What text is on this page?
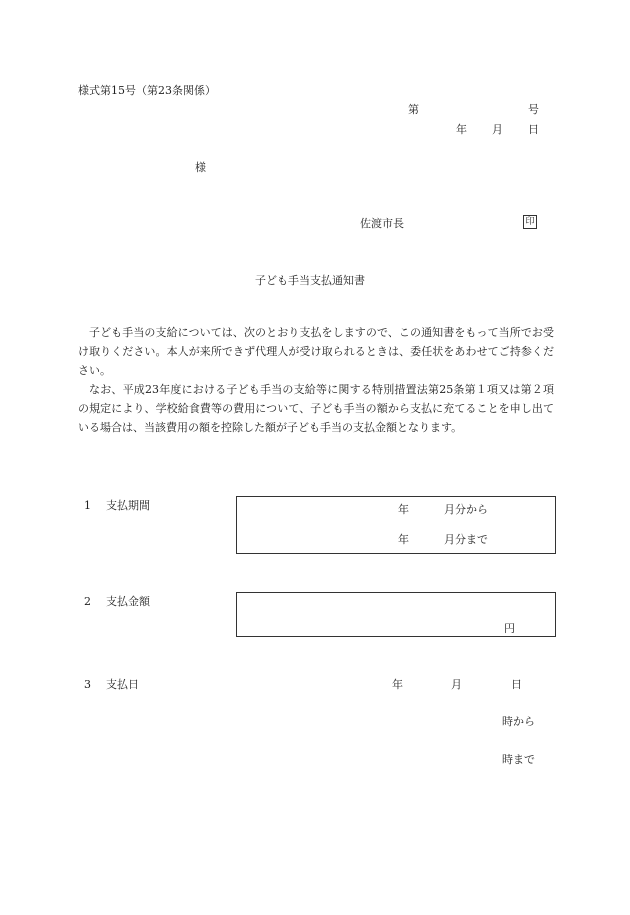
様式第15号（第23条関係）
第	号
年 月 日
様
佐渡市長	印
子ども手当支払通知書

子ども手当の支給については、次のとおり支払をしますので、この通知書をもって当所でお受け取りください。本人が来所できず代理人が受け取られるときは、委任状をあわせてご持参ください。

なお、平成23年度における子ども手当の支給等に関する特別措置法第25条第１項又は第２項の規定により、学校給食費等の費用について、子ども手当の額から支払に充てることを申し出ている場合は、当該費用の額を控除した額が子ども手当の支払金額となります。

1 支払期間	年	月分から
年	月分まで
2 支払金額
円
3 支払日	年	月	日
時から
時まで
